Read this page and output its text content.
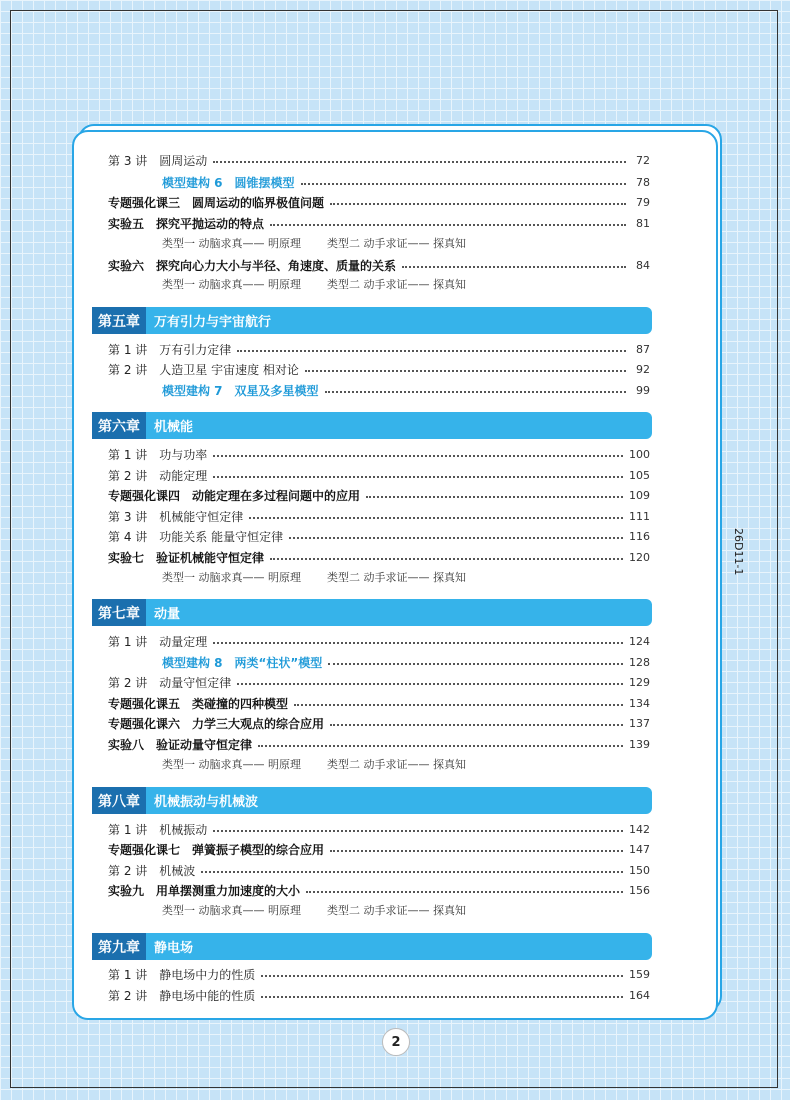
第 3 讲 圆周运动	72
模型建构 6 圆锥摆模型	78
专题强化课三 圆周运动的临界极值问题	79
实验五 探究平抛运动的特点	81
类型一 动脑求真—— 明原理 类型二 动手求证—— 探真知
实验六 探究向心力大小与半径、角速度、质量的关系	84
类型一 动脑求真—— 明原理 类型二 动手求证—— 探真知
第五章	万有引力与宇宙航行
第 1 讲 万有引力定律	87
第 2 讲 人造卫星 宇宙速度 相对论	92
模型建构 7 双星及多星模型	99
第六章	机械能
第 1 讲 功与功率	100
第 2 讲 动能定理	105
专题强化课四 动能定理在多过程问题中的应用	109
第 3 讲 机械能守恒定律	111
第 4 讲 功能关系 能量守恒定律	116
实验七 验证机械能守恒定律	120
类型一 动脑求真—— 明原理 类型二 动手求证—— 探真知
第七章	动量
第 1 讲 动量定理	124
模型建构 8 两类“柱状”模型	128
第 2 讲 动量守恒定律	129
专题强化课五 类碰撞的四种模型	134
专题强化课六 力学三大观点的综合应用	137
实验八 验证动量守恒定律	139
类型一 动脑求真—— 明原理 类型二 动手求证—— 探真知
第八章	机械振动与机械波
第 1 讲 机械振动	142
专题强化课七 弹簧振子模型的综合应用	147
第 2 讲 机械波	150
实验九 用单摆测重力加速度的大小	156
类型一 动脑求真—— 明原理 类型二 动手求证—— 探真知
第九章	静电场
第 1 讲 静电场中力的性质	159
第 2 讲 静电场中能的性质	164
26D11-1
2
